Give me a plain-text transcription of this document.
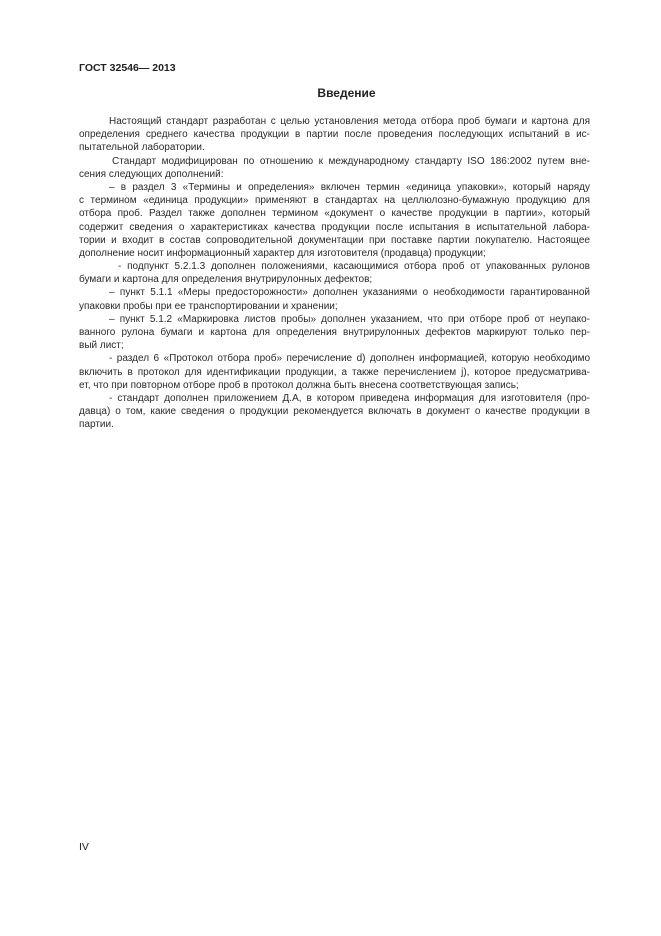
ГОСТ 32546— 2013
Введение
Настоящий стандарт разработан с целью установления метода отбора проб бумаги и картона для
определения среднего качества продукции в партии после проведения последующих испытаний в ис-
пытательной лаборатории.
Стандарт модифицирован по отношению к международному стандарту ISO 186:2002 путем вне-
сения следующих дополнений:
– в раздел 3 «Термины и определения» включен термин «единица упаковки», который наряду
с термином «единица продукции» применяют в стандартах на целлюлозно-бумажную продукцию для
отбора проб. Раздел также дополнен термином «документ о качестве продукции в партии», который
содержит сведения о характеристиках качества продукции после испытания в испытательной лабора-
тории и входит в состав сопроводительной документации при поставке партии покупателю. Настоящее
дополнение носит информационный характер для изготовителя (продавца) продукции;
- подпункт 5.2.1.3 дополнен положениями, касающимися отбора проб от упакованных рулонов
бумаги и картона для определения внутрирулонных дефектов;
– пункт 5.1.1 «Меры предосторожности» дополнен указаниями о необходимости гарантированной
упаковки пробы при ее транспортировании и хранении;
– пункт 5.1.2 «Маркировка листов пробы» дополнен указанием, что при отборе проб от неупако-
ванного рулона бумаги и картона для определения внутрирулонных дефектов маркируют только пер-
вый лист;
- раздел 6 «Протокол отбора проб» перечисление d) дополнен информацией, которую необходимо
включить в протокол для идентификации продукции, а также перечислением j), которое предусматрива-
ет, что при повторном отборе проб в протокол должна быть внесена соответствующая запись;
- стандарт дополнен приложением Д.А, в котором приведена информация для изготовителя (про-
давца) о том, какие сведения о продукции рекомендуется включать в документ о качестве продукции в
партии.
IV
